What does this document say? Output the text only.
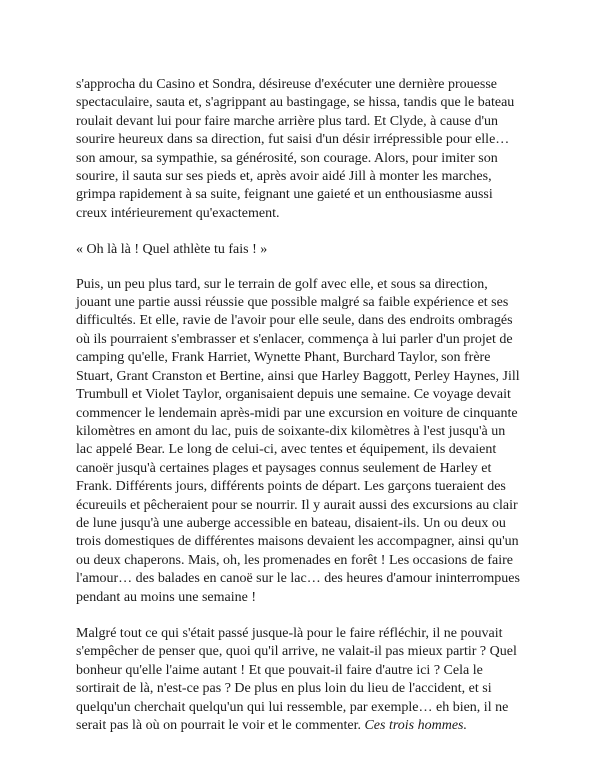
s'approcha du Casino et Sondra, désireuse d'exécuter une dernière prouesse spectaculaire, sauta et, s'agrippant au bastingage, se hissa, tandis que le bateau roulait devant lui pour faire marche arrière plus tard. Et Clyde, à cause d'un sourire heureux dans sa direction, fut saisi d'un désir irrépressible pour elle… son amour, sa sympathie, sa générosité, son courage. Alors, pour imiter son sourire, il sauta sur ses pieds et, après avoir aidé Jill à monter les marches, grimpa rapidement à sa suite, feignant une gaieté et un enthousiasme aussi creux intérieurement qu'exactement.

« Oh là là ! Quel athlète tu fais ! »

Puis, un peu plus tard, sur le terrain de golf avec elle, et sous sa direction, jouant une partie aussi réussie que possible malgré sa faible expérience et ses difficultés. Et elle, ravie de l'avoir pour elle seule, dans des endroits ombragés où ils pourraient s'embrasser et s'enlacer, commença à lui parler d'un projet de camping qu'elle, Frank Harriet, Wynette Phant, Burchard Taylor, son frère Stuart, Grant Cranston et Bertine, ainsi que Harley Baggott, Perley Haynes, Jill Trumbull et Violet Taylor, organisaient depuis une semaine. Ce voyage devait commencer le lendemain après-midi par une excursion en voiture de cinquante kilomètres en amont du lac, puis de soixante-dix kilomètres à l'est jusqu'à un lac appelé Bear. Le long de celui-ci, avec tentes et équipement, ils devaient canoër jusqu'à certaines plages et paysages connus seulement de Harley et Frank. Différents jours, différents points de départ. Les garçons tueraient des écureuils et pêcheraient pour se nourrir. Il y aurait aussi des excursions au clair de lune jusqu'à une auberge accessible en bateau, disaient-ils. Un ou deux ou trois domestiques de différentes maisons devaient les accompagner, ainsi qu'un ou deux chaperons. Mais, oh, les promenades en forêt ! Les occasions de faire l'amour… des balades en canoë sur le lac… des heures d'amour ininterrompues pendant au moins une semaine !

Malgré tout ce qui s'était passé jusque-là pour le faire réfléchir, il ne pouvait s'empêcher de penser que, quoi qu'il arrive, ne valait-il pas mieux partir ? Quel bonheur qu'elle l'aime autant ! Et que pouvait-il faire d'autre ici ? Cela le sortirait de là, n'est-ce pas ? De plus en plus loin du lieu de l'accident, et si quelqu'un cherchait quelqu'un qui lui ressemble, par exemple… eh bien, il ne serait pas là où on pourrait le voir et le commenter. Ces trois hommes.
